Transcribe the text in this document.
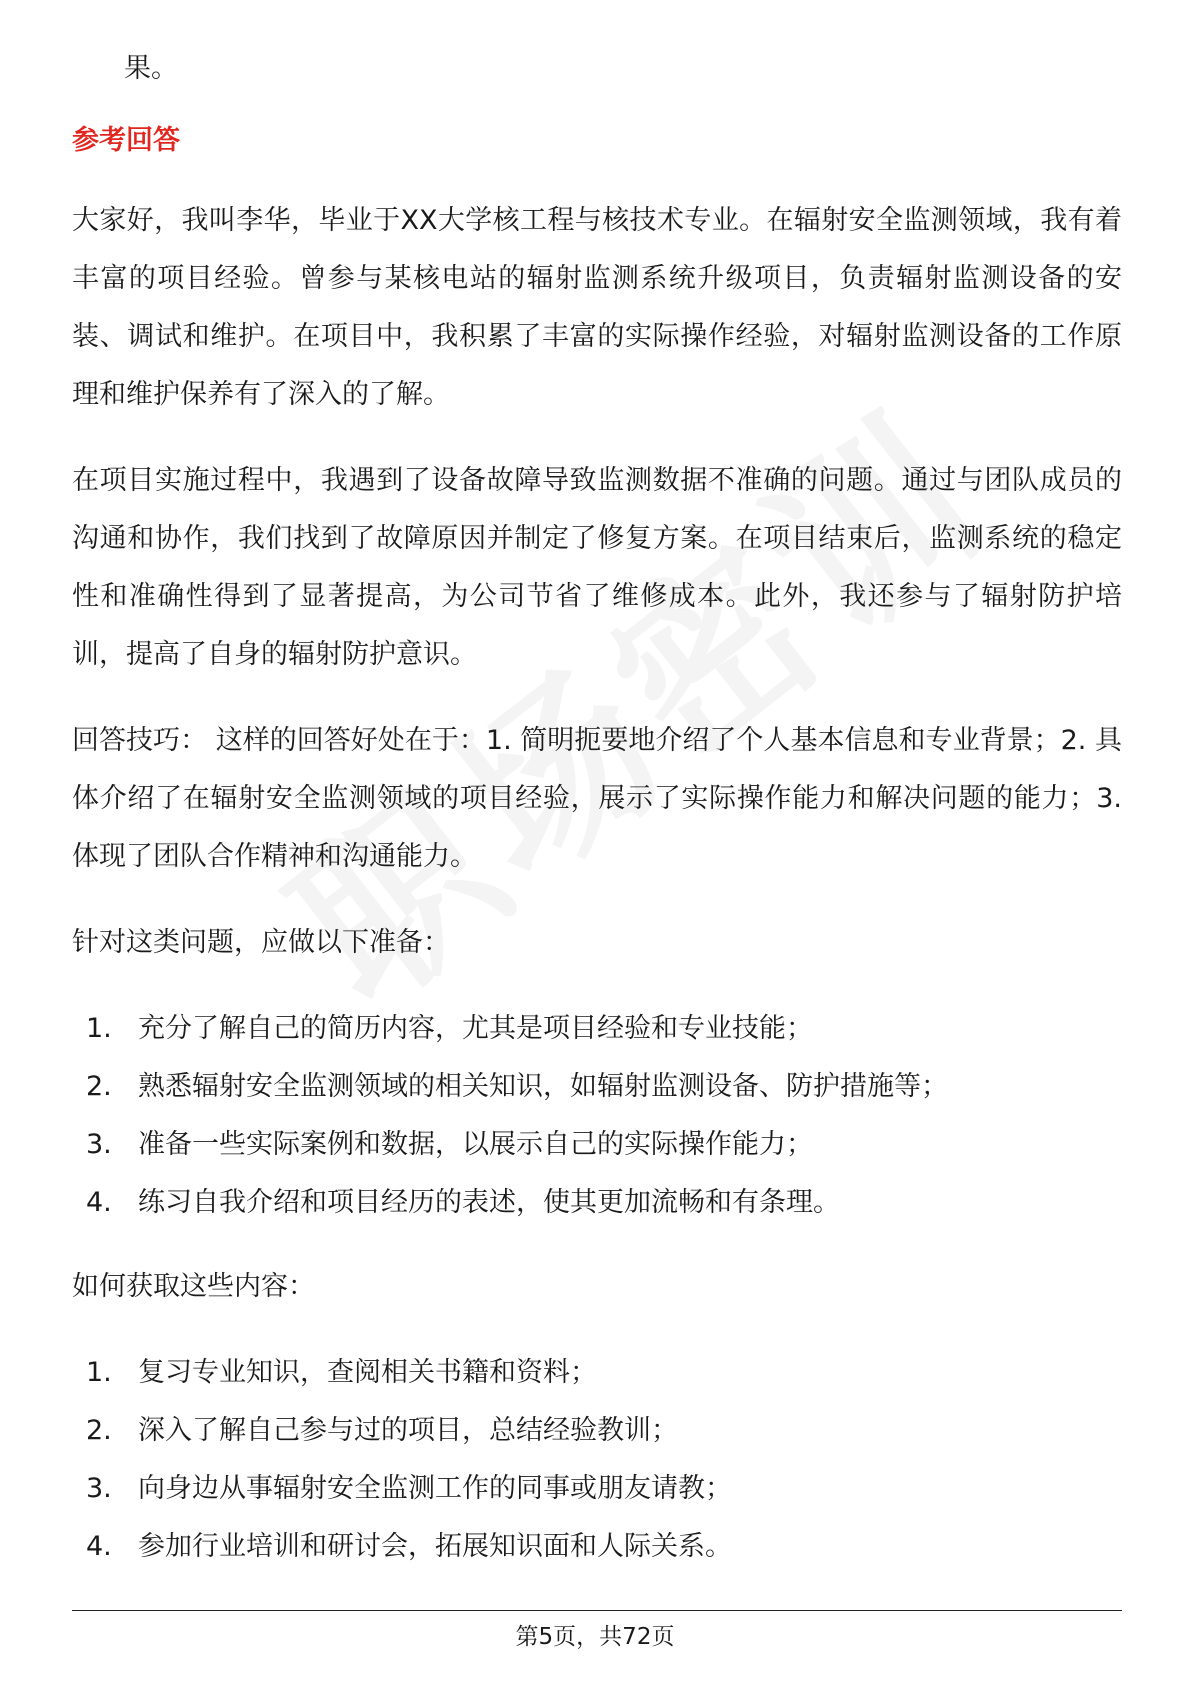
果。

参考回答

大家好，我叫李华，毕业于XX大学核工程与核技术专业。在辐射安全监测领域，我有着丰富的项目经验。曾参与某核电站的辐射监测系统升级项目，负责辐射监测设备的安装、调试和维护。在项目中，我积累了丰富的实际操作经验，对辐射监测设备的工作原理和维护保养有了深入的了解。

在项目实施过程中，我遇到了设备故障导致监测数据不准确的问题。通过与团队成员的沟通和协作，我们找到了故障原因并制定了修复方案。在项目结束后，监测系统的稳定性和准确性得到了显著提高，为公司节省了维修成本。此外，我还参与了辐射防护培训，提高了自身的辐射防护意识。

回答技巧： 这样的回答好处在于：1. 简明扼要地介绍了个人基本信息和专业背景；2. 具体介绍了在辐射安全监测领域的项目经验，展示了实际操作能力和解决问题的能力；3. 体现了团队合作精神和沟通能力。

针对这类问题，应做以下准备：

1. 充分了解自己的简历内容，尤其是项目经验和专业技能；
2. 熟悉辐射安全监测领域的相关知识，如辐射监测设备、防护措施等；
3. 准备一些实际案例和数据，以展示自己的实际操作能力；
4. 练习自我介绍和项目经历的表述，使其更加流畅和有条理。

如何获取这些内容：

1. 复习专业知识，查阅相关书籍和资料；
2. 深入了解自己参与过的项目，总结经验教训；
3. 向身边从事辐射安全监测工作的同事或朋友请教；
4. 参加行业培训和研讨会，拓展知识面和人际关系。
第5页，共72页
